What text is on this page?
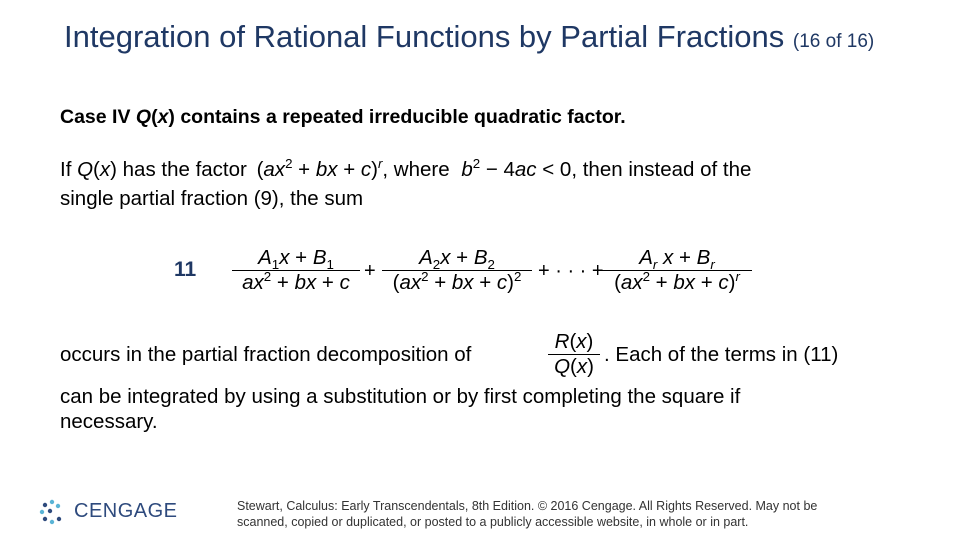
Integration of Rational Functions by Partial Fractions (16 of 16)
Case IV Q(x) contains a repeated irreducible quadratic factor.
If Q(x) has the factor ($ax^2$ + bx + c)$^r$, where $b^2 - 4ac < 0$, then instead of the
single partial fraction (9), the sum
11
$A_1x + B_1$
$ax^2$ + bx + c +
$A_2x + B_2$
($ax^2$ + bx + c)$^2$ + · · · +
$A_r$ $x + B_r$
($ax^2$ + bx + c)$^r$
occurs in the partial fraction decomposition of
R(x)
Q(x)
. Each of the terms in (11)
can be integrated by using a substitution or by first completing the square if
necessary.
CENGAGE	Stewart, Calculus: Early Transcendentals, 8th Edition. © 2016 Cengage. All Rights Reserved. May not be
scanned, copied or duplicated, or posted to a publicly accessible website, in whole or in part.
